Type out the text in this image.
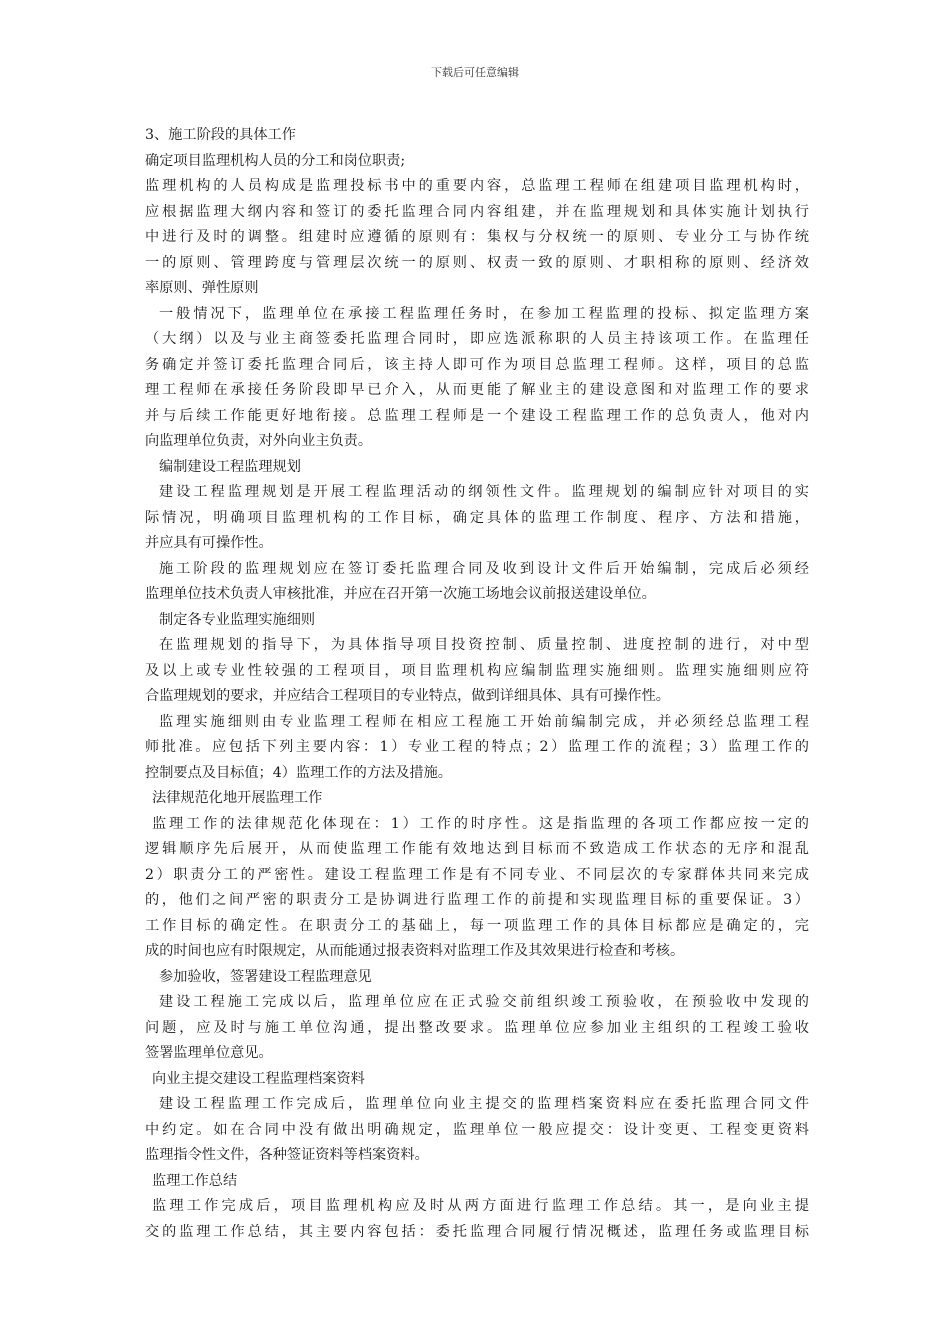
下载后可任意编辑
3、施工阶段的具体工作
确定项目监理机构人员的分工和岗位职责;
监理机构的人员构成是监理投标书中的重要内容，总监理工程师在组建项目监理机构时，
应根据监理大纲内容和签订的委托监理合同内容组建，并在监理规划和具体实施计划执行
中进行及时的调整。组建时应遵循的原则有：集权与分权统一的原则、专业分工与协作统
一的原则、管理跨度与管理层次统一的原则、权责一致的原则、才职相称的原则、经济效
率原则、弹性原则
一般情况下，监理单位在承接工程监理任务时，在参加工程监理的投标、拟定监理方案
（大纲）以及与业主商签委托监理合同时，即应选派称职的人员主持该项工作。在监理任
务确定并签订委托监理合同后，该主持人即可作为项目总监理工程师。这样，项目的总监
理工程师在承接任务阶段即早已介入，从而更能了解业主的建设意图和对监理工作的要求
并与后续工作能更好地衔接。总监理工程师是一个建设工程监理工作的总负责人，他对内
向监理单位负责，对外向业主负责。
编制建设工程监理规划
建设工程监理规划是开展工程监理活动的纲领性文件。监理规划的编制应针对项目的实
际情况，明确项目监理机构的工作目标，确定具体的监理工作制度、程序、方法和措施，
并应具有可操作性。
施工阶段的监理规划应在签订委托监理合同及收到设计文件后开始编制，完成后必须经
监理单位技术负责人审核批准，并应在召开第一次施工场地会议前报送建设单位。
制定各专业监理实施细则
在监理规划的指导下，为具体指导项目投资控制、质量控制、进度控制的进行，对中型
及以上或专业性较强的工程项目，项目监理机构应编制监理实施细则。监理实施细则应符
合监理规划的要求，并应结合工程项目的专业特点，做到详细具体、具有可操作性。
监理实施细则由专业监理工程师在相应工程施工开始前编制完成，并必须经总监理工程
师批准。应包括下列主要内容：1）专业工程的特点；2）监理工作的流程；3）监理工作的
控制要点及目标值；4）监理工作的方法及措施。
法律规范化地开展监理工作
监理工作的法律规范化体现在：1）工作的时序性。这是指监理的各项工作都应按一定的
逻辑顺序先后展开，从而使监理工作能有效地达到目标而不致造成工作状态的无序和混乱
2）职责分工的严密性。建设工程监理工作是有不同专业、不同层次的专家群体共同来完成
的，他们之间严密的职责分工是协调进行监理工作的前提和实现监理目标的重要保证。3）
工作目标的确定性。在职责分工的基础上，每一项监理工作的具体目标都应是确定的，完
成的时间也应有时限规定，从而能通过报表资料对监理工作及其效果进行检查和考核。
参加验收，签署建设工程监理意见
建设工程施工完成以后，监理单位应在正式验交前组织竣工预验收，在预验收中发现的
问题，应及时与施工单位沟通，提出整改要求。监理单位应参加业主组织的工程竣工验收
签署监理单位意见。
向业主提交建设工程监理档案资料
建设工程监理工作完成后，监理单位向业主提交的监理档案资料应在委托监理合同文件
中约定。如在合同中没有做出明确规定，监理单位一般应提交：设计变更、工程变更资料
监理指令性文件，各种签证资料等档案资料。
监理工作总结
监理工作完成后，项目监理机构应及时从两方面进行监理工作总结。其一，是向业主提
交的监理工作总结，其主要内容包括：委托监理合同履行情况概述，监理任务或监理目标
